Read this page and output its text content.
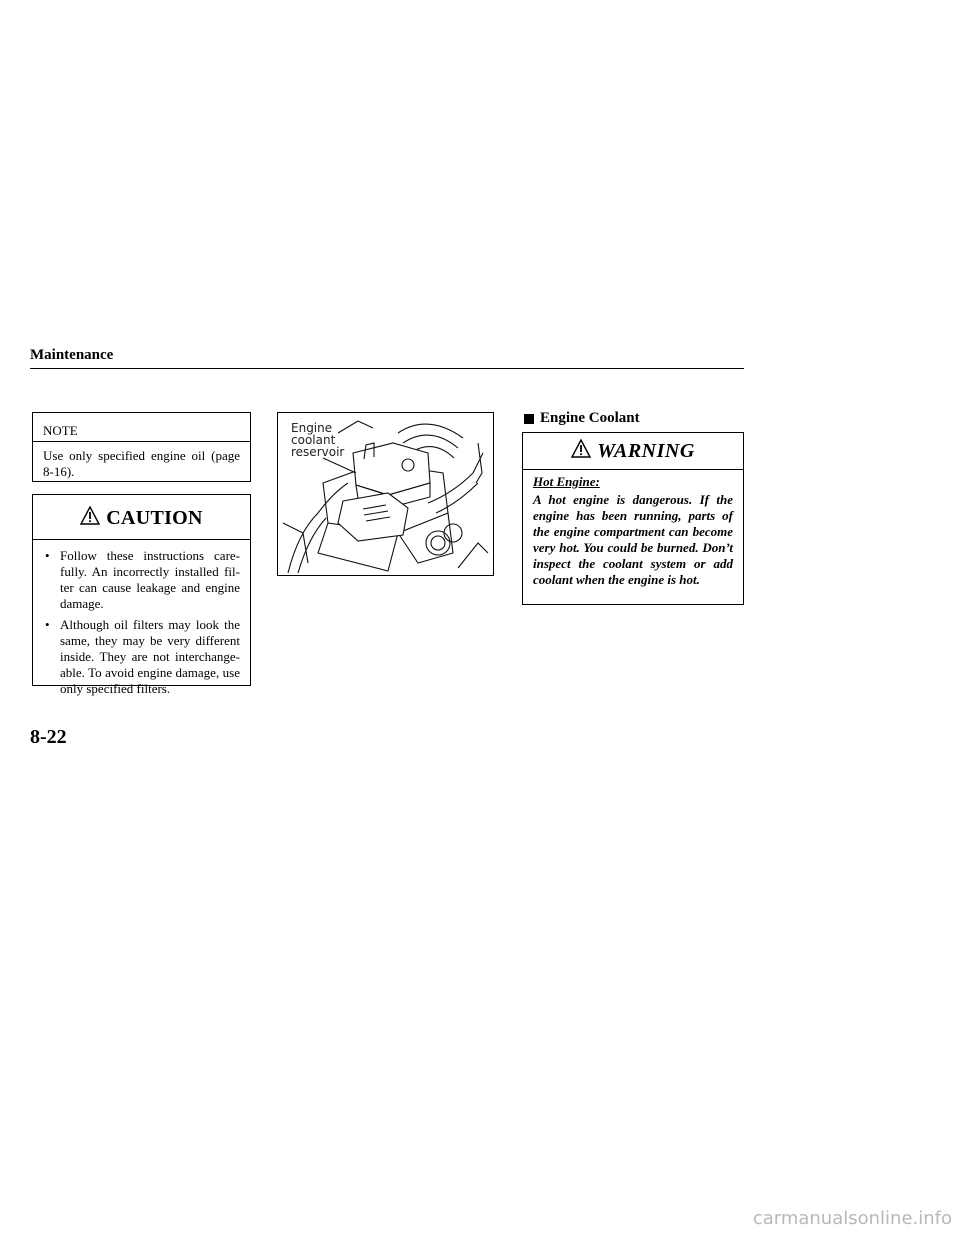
Maintenance
NOTE
Use only specified engine oil (page 8-16).
CAUTION
• Follow these instructions care-fully. An incorrectly installed fil-ter can cause leakage and engine damage.
• Although oil filters may look the same, they may be very different inside. They are not interchange-able. To avoid engine damage, use only specified filters.
Engine
coolant
reservoir
Engine Coolant
WARNING
Hot Engine:
A hot engine is dangerous. If the engine has been running, parts of the engine compartment can become very hot. You could be burned. Don’t inspect the coolant system or add coolant when the engine is hot.
8-22
carmanualsonline.info
